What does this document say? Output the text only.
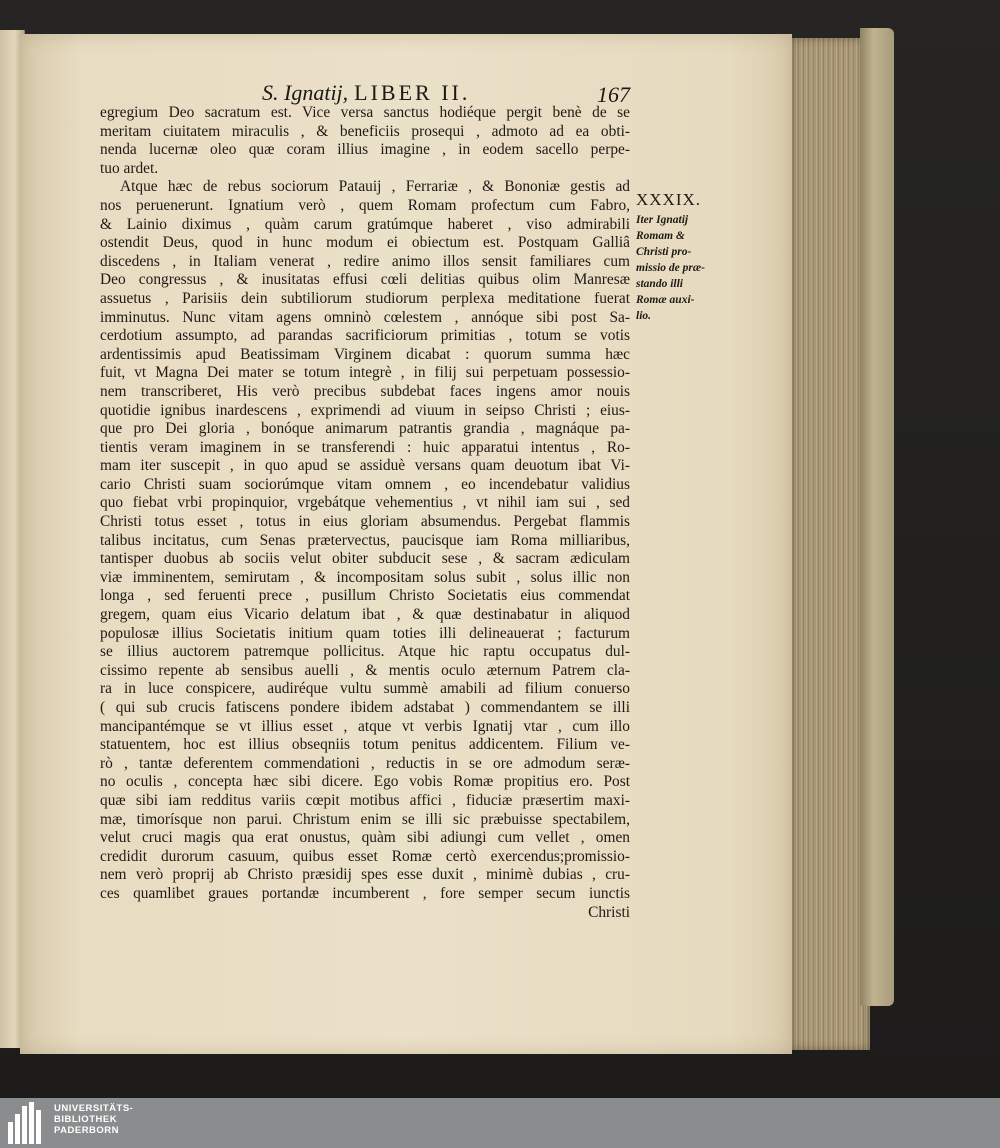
S. Ignatij, LIBER II.	167
egregium Deo sacratum est. Vice versa sanctus hodiéque pergit benè de se
meritam ciuitatem miraculis , & beneficiis prosequi , admoto ad ea obti-
nenda lucernæ oleo quæ coram illius imagine , in eodem sacello perpe-
tuo ardet.
Atque hæc de rebus sociorum Patauij , Ferrariæ , & Bononiæ gestis ad
nos peruenerunt. Ignatium verò , quem Romam profectum cum Fabro,
& Lainio diximus , quàm carum gratúmque haberet , viso admirabili
ostendit Deus, quod in hunc modum ei obiectum est. Postquam Galliâ
discedens , in Italiam venerat , redire animo illos sensit familiares cum
Deo congressus , & inusitatas effusi cœli delitias quibus olim Manresæ
assuetus , Parisiis dein subtiliorum studiorum perplexa meditatione fuerat
imminutus. Nunc vitam agens omninò cœlestem , annóque sibi post Sa-
cerdotium assumpto, ad parandas sacrificiorum primitias , totum se votis
ardentissimis apud Beatissimam Virginem dicabat : quorum summa hæc
fuit, vt Magna Dei mater se totum integrè , in filij sui perpetuam possessio-
nem transcriberet, His verò precibus subdebat faces ingens amor nouis
quotidie ignibus inardescens , exprimendi ad viuum in seipso Christi ; eius-
que pro Dei gloria , bonóque animarum patrantis grandia , magnáque pa-
tientis veram imaginem in se transferendi : huic apparatui intentus , Ro-
mam iter suscepit , in quo apud se assiduè versans quam deuotum ibat Vi-
cario Christi suam sociorúmque vitam omnem , eo incendebatur validius
quo fiebat vrbi propinquior, vrgebátque vehementius , vt nihil iam sui , sed
Christi totus esset , totus in eius gloriam absumendus. Pergebat flammis
talibus incitatus, cum Senas prætervectus, paucisque iam Roma milliaribus,
tantisper duobus ab sociis velut obiter subducit sese , & sacram ædiculam
viæ imminentem, semirutam , & incompositam solus subit , solus illic non
longa , sed feruenti prece , pusillum Christo Societatis eius commendat
gregem, quam eius Vicario delatum ibat , & quæ destinabatur in aliquod
populosæ illius Societatis initium quam toties illi delineauerat ; facturum
se illius auctorem patremque pollicitus. Atque hic raptu occupatus dul-
cissimo repente ab sensibus auelli , & mentis oculo æternum Patrem cla-
ra in luce conspicere, audiréque vultu summè amabili ad filium conuerso
( qui sub crucis fatiscens pondere ibidem adstabat ) commendantem se illi
mancipantémque se vt illius esset , atque vt verbis Ignatij vtar , cum illo
statuentem, hoc est illius obseqniis totum penitus addicentem. Filium ve-
rò , tantæ deferentem commendationi , reductis in se ore admodum seræ-
no oculis , concepta hæc sibi dicere. Ego vobis Romæ propitius ero. Post
quæ sibi iam redditus variis cœpit motibus affici , fiduciæ præsertim maxi-
mæ, timorísque non parui. Christum enim se illi sic præbuisse spectabilem,
velut cruci magis qua erat onustus, quàm sibi adiungi cum vellet , omen
credidit durorum casuum, quibus esset Romæ certò exercendus;promissio-
nem verò proprij ab Christo præsidij spes esse duxit , minimè dubias , cru-
ces quamlibet graues portandæ incumberent , fore semper secum iunctis
Christi
XXXIX.
Iter Ignatij
Romam &
Christi pro-
missio de præ-
stando illi
Romæ auxi-
lio.
UNIVERSITÄTS-
BIBLIOTHEK
PADERBORN
